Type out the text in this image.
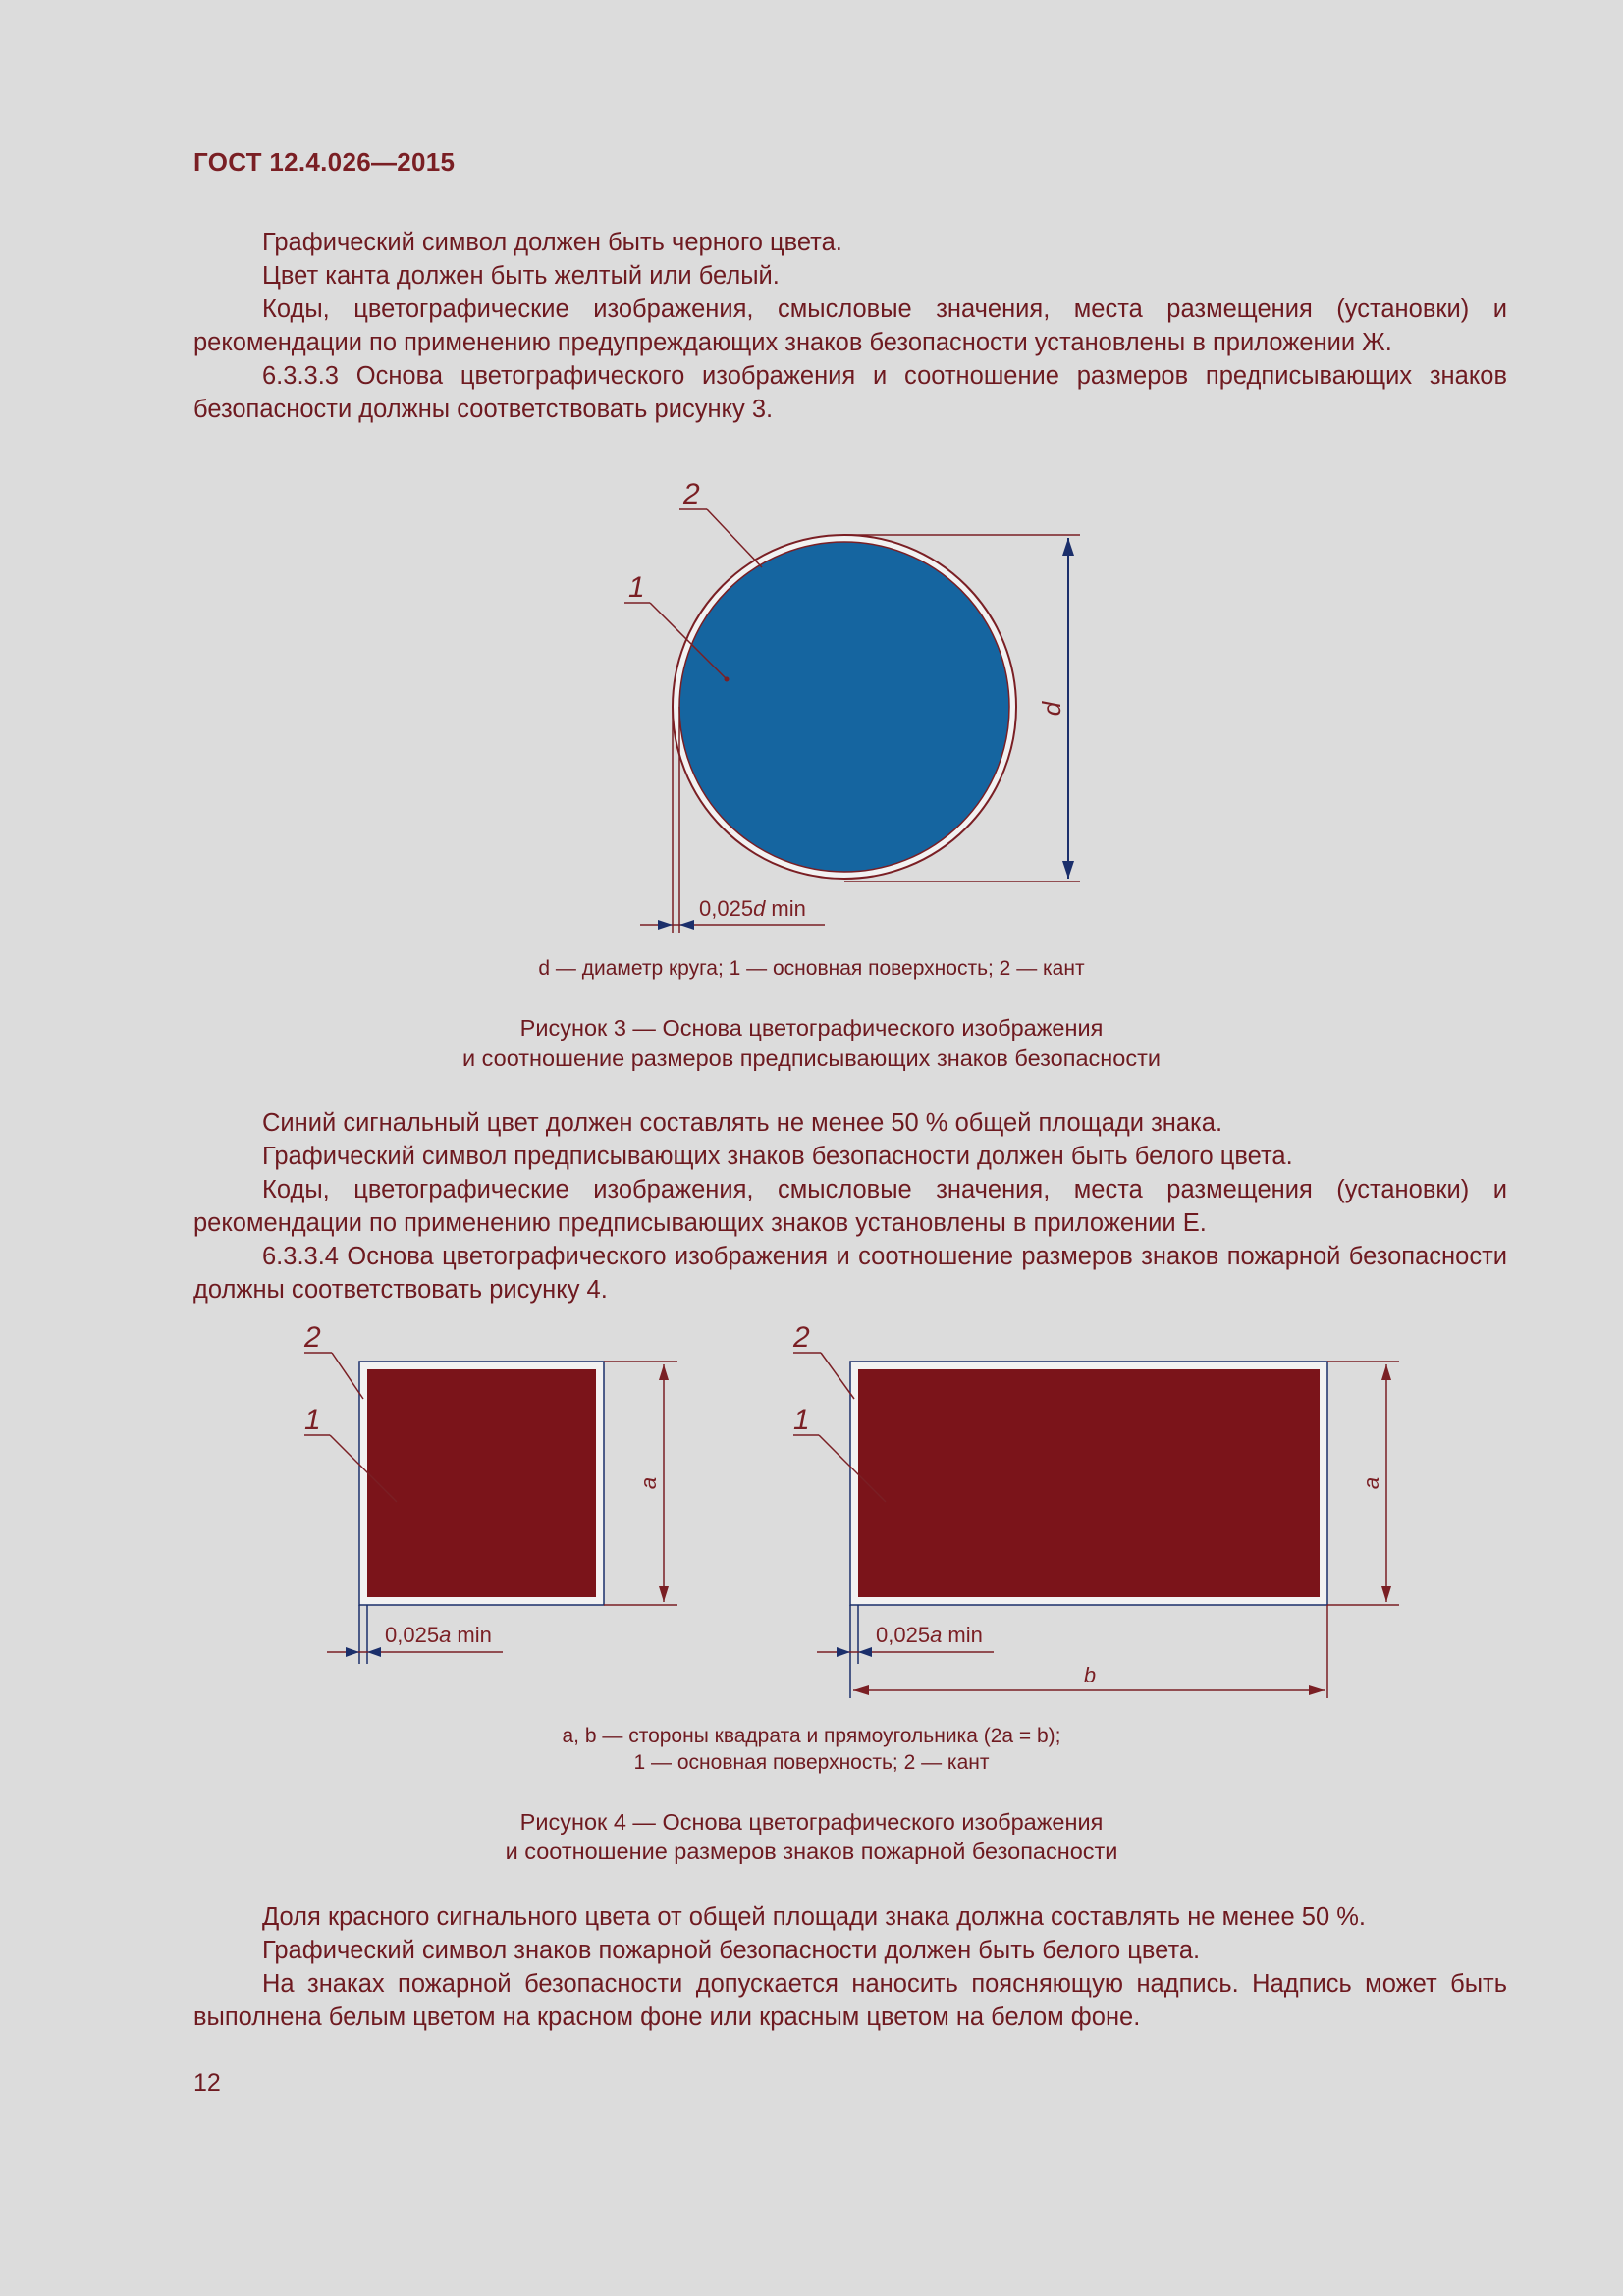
ГОСТ 12.4.026—2015

Графический символ должен быть черного цвета.

Цвет канта должен быть желтый или белый.

Коды, цветографические изображения, смысловые значения, места размещения (установки) и рекомендации по применению предупреждающих знаков безопасности установлены в приложении Ж.

6.3.3.3 Основа цветографического изображения и соотношение размеров предписывающих знаков безопасности должны соответствовать рисунку 3.

d
0,025d min
2
1
d — диаметр круга; 1 — основная поверхность; 2 — кант
Рисунок 3 — Основа цветографического изображения
и соотношение размеров предписывающих знаков безопасности

Синий сигнальный цвет должен составлять не менее 50 % общей площади знака.

Графический символ предписывающих знаков безопасности должен быть белого цвета.

Коды, цветографические изображения, смысловые значения, места размещения (установки) и рекомендации по применению предписывающих знаков установлены в приложении Е.

6.3.3.4 Основа цветографического изображения и соотношение размеров знаков пожарной безопасности должны соответствовать рисунку 4.

a
0,025a min
2
1
a
0,025a min
b
2
1
a, b — стороны квадрата и прямоугольника (2a = b);
1 — основная поверхность; 2 — кант
Рисунок 4 — Основа цветографического изображения
и соотношение размеров знаков пожарной безопасности

Доля красного сигнального цвета от общей площади знака должна составлять не менее 50 %.

Графический символ знаков пожарной безопасности должен быть белого цвета.

На знаках пожарной безопасности допускается наносить поясняющую надпись. Надпись может быть выполнена белым цветом на красном фоне или красным цветом на белом фоне.

12
